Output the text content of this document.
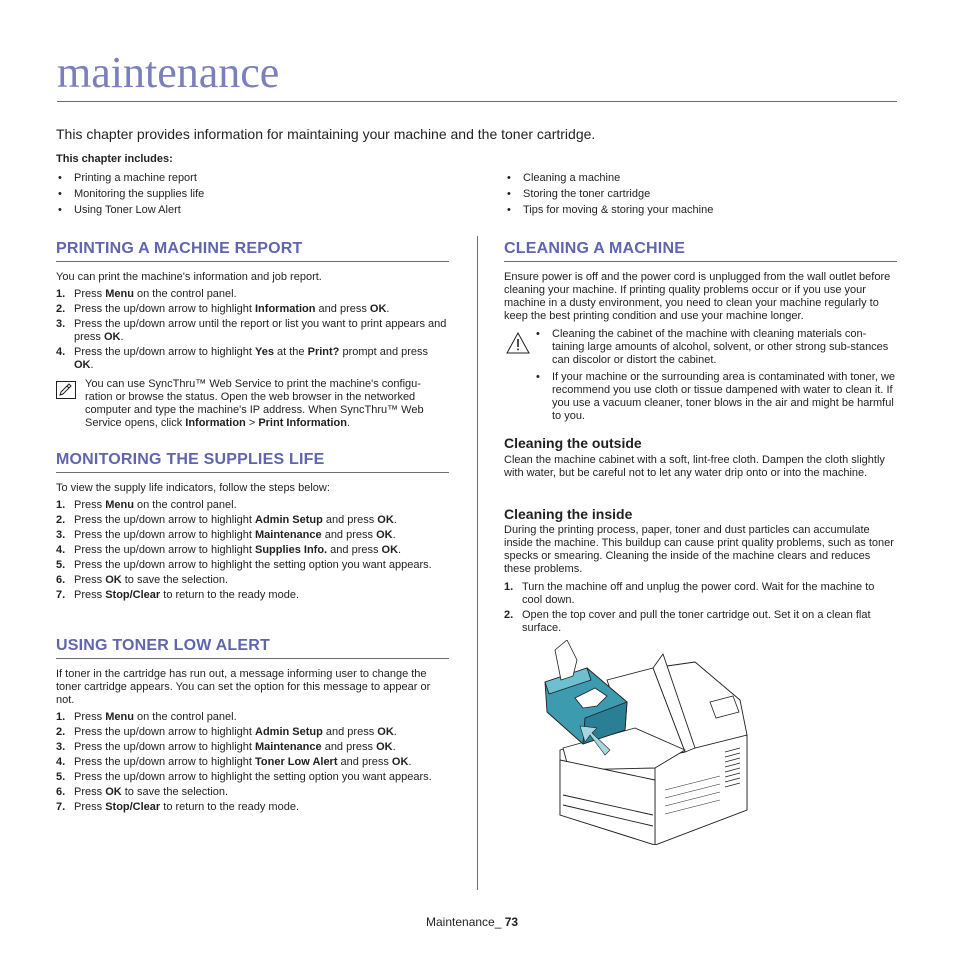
maintenance
This chapter provides information for maintaining your machine and the toner cartridge.
This chapter includes:
• Printing a machine report
• Monitoring the supplies life
• Using Toner Low Alert
• Cleaning a machine
• Storing the toner cartridge
• Tips for moving & storing your machine
PRINTING A MACHINE REPORT
You can print the machine's information and job report.
1. Press Menu on the control panel.
2. Press the up/down arrow to highlight Information and press OK.
3. Press the up/down arrow until the report or list you want to print appears and press OK.
4. Press the up/down arrow to highlight Yes at the Print? prompt and press OK.
You can use SyncThru™ Web Service to print the machine's configu-ration or browse the status. Open the web browser in the networked computer and type the machine's IP address. When SyncThru™ Web Service opens, click Information > Print Information.
MONITORING THE SUPPLIES LIFE
To view the supply life indicators, follow the steps below:
1. Press Menu on the control panel.
2. Press the up/down arrow to highlight Admin Setup and press OK.
3. Press the up/down arrow to highlight Maintenance and press OK.
4. Press the up/down arrow to highlight Supplies Info. and press OK.
5. Press the up/down arrow to highlight the setting option you want appears.
6. Press OK to save the selection.
7. Press Stop/Clear to return to the ready mode.
USING TONER LOW ALERT
If toner in the cartridge has run out, a message informing user to change the toner cartridge appears. You can set the option for this message to appear or not.
1. Press Menu on the control panel.
2. Press the up/down arrow to highlight Admin Setup and press OK.
3. Press the up/down arrow to highlight Maintenance and press OK.
4. Press the up/down arrow to highlight Toner Low Alert and press OK.
5. Press the up/down arrow to highlight the setting option you want appears.
6. Press OK to save the selection.
7. Press Stop/Clear to return to the ready mode.
CLEANING A MACHINE
Ensure power is off and the power cord is unplugged from the wall outlet before cleaning your machine. If printing quality problems occur or if you use your machine in a dusty environment, you need to clean your machine regularly to keep the best printing condition and use your machine longer.
• Cleaning the cabinet of the machine with cleaning materials con-taining large amounts of alcohol, solvent, or other strong sub-stances can discolor or distort the cabinet.
• If your machine or the surrounding area is contaminated with toner, we recommend you use cloth or tissue dampened with water to clean it. If you use a vacuum cleaner, toner blows in the air and might be harmful to you.
Cleaning the outside
Clean the machine cabinet with a soft, lint-free cloth. Dampen the cloth slightly with water, but be careful not to let any water drip onto or into the machine.
Cleaning the inside
During the printing process, paper, toner and dust particles can accumulate inside the machine. This buildup can cause print quality problems, such as toner specks or smearing. Cleaning the inside of the machine clears and reduces these problems.
1. Turn the machine off and unplug the power cord. Wait for the machine to cool down.
2. Open the top cover and pull the toner cartridge out. Set it on a clean flat surface.
Maintenance_ 73
